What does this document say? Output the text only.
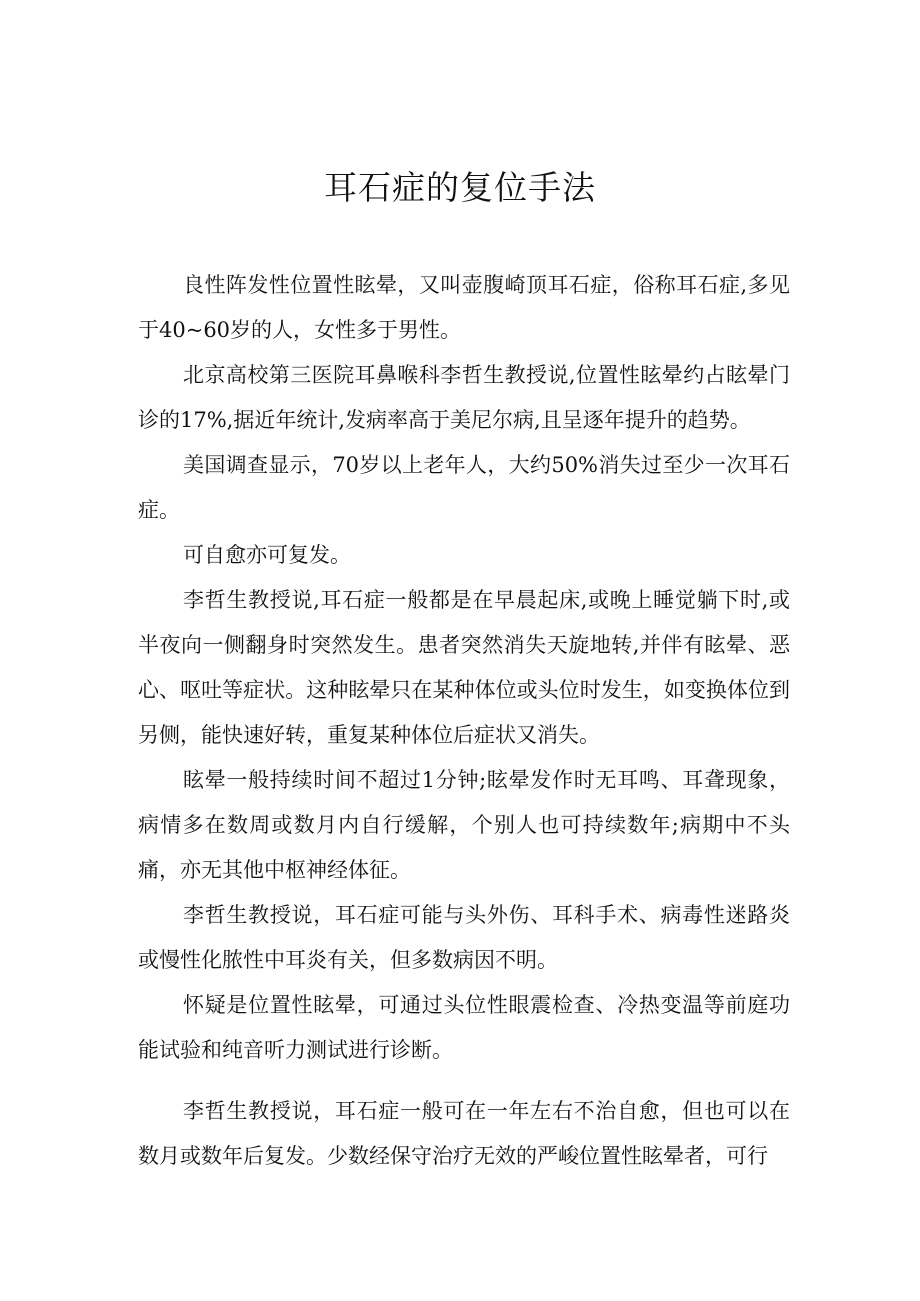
耳石症的复位手法

良性阵发性位置性眩晕，又叫壶腹崎顶耳石症，俗称耳石症,多见于40~60岁的人，女性多于男性。

北京高校第三医院耳鼻喉科李哲生教授说,位置性眩晕约占眩晕门诊的17%,据近年统计,发病率高于美尼尔病,且呈逐年提升的趋势。

美国调查显示，70岁以上老年人，大约50%消失过至少一次耳石症。

可自愈亦可复发。

李哲生教授说,耳石症一般都是在早晨起床,或晚上睡觉躺下时,或半夜向一侧翻身时突然发生。患者突然消失天旋地转,并伴有眩晕、恶心、呕吐等症状。这种眩晕只在某种体位或头位时发生，如变换体位到另侧，能快速好转，重复某种体位后症状又消失。

眩晕一般持续时间不超过1分钟;眩晕发作时无耳鸣、耳聋现象，病情多在数周或数月内自行缓解，个别人也可持续数年;病期中不头痛，亦无其他中枢神经体征。

李哲生教授说，耳石症可能与头外伤、耳科手术、病毒性迷路炎或慢性化脓性中耳炎有关，但多数病因不明。

怀疑是位置性眩晕，可通过头位性眼震检查、冷热变温等前庭功能试验和纯音听力测试进行诊断。

李哲生教授说，耳石症一般可在一年左右不治自愈，但也可以在数月或数年后复发。少数经保守治疗无效的严峻位置性眩晕者，可行
